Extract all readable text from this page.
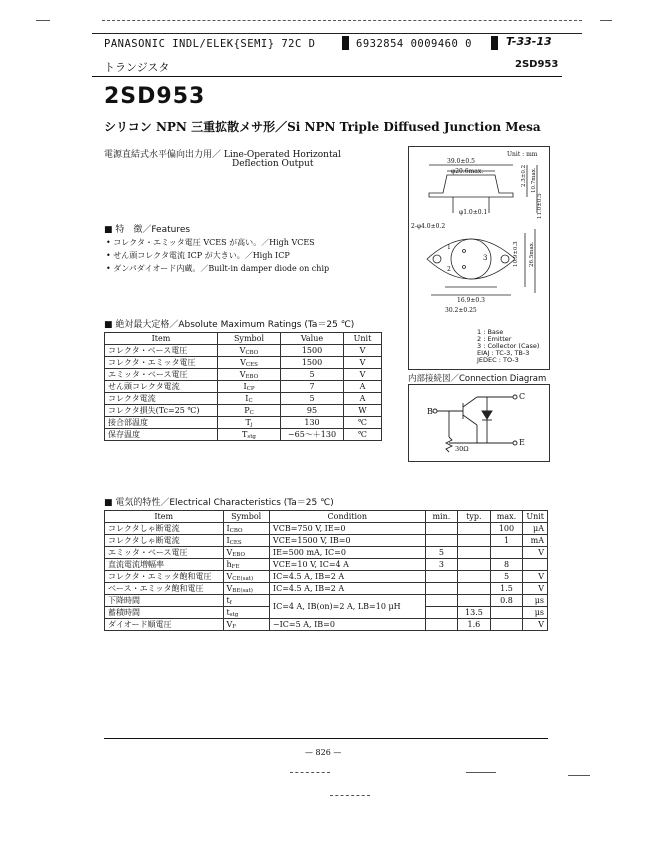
PANASONIC INDL/ELEK{SEMI} 72C D	6932854 0009460 0	T-33-13
トランジスタ	2SD953
2SD953
シリコン NPN 三重拡散メサ形／Si NPN Triple Diffused Junction Mesa
電源直結式水平偏向出力用／ Line-Operated Horizontal
Deflection Output
■ 特　徴／Features
• コレクタ・エミッタ電圧 VCES が高い。／High VCES
• せん頭コレクタ電流 ICP が大きい。／High ICP
• ダンパダイオード内蔵。／Built-in damper diode on chip
■ 絶対最大定格／Absolute Maximum Ratings (Ta＝25 ℃)
Item	Symbol	Value	Unit
コレクタ・ベース電圧	VCBO	1500	V
コレクタ・エミッタ電圧	VCES	1500	V
エミッタ・ベース電圧	VEBO	5	V
せん頭コレクタ電流	ICP	7	A
コレクタ電流	IC	5	A
コレクタ損失(Tc=25 ℃)	PC	95	W
接合部温度	Tj	130	℃
保存温度	Tstg	−65～＋130	℃
Unit : mm
39.0±0.5
φ20.6max.	2.3±0.2 10.7max.
11.0±0.5
φ1.0±0.1
2-φ4.0±0.2
10.9±0.3 26.5max.
16.9±0.3
30.2±0.25
1
2
3
1 : Base
2 : Emitter
3 : Collector (Case)
EIAJ : TC-3, TB-3
JEDEC : TO-3
内部接続図／Connection Diagram
B
C
E
30Ω
■ 電気的特性／Electrical Characteristics (Ta＝25 ℃)
Item	Symbol	Condition	min.	typ.	max.	Unit
コレクタしゃ断電流	ICBO	VCB=750 V, IE=0			100	μA
コレクタしゃ断電流	ICES	VCE=1500 V, IB=0			1	mA
エミッタ・ベース電圧	VEBO	IE=500 mA, IC=0	5			V
直流電流増幅率	hFE	VCE=10 V, IC=4 A	3		8	
コレクタ・エミッタ飽和電圧	VCE(sat)	IC=4.5 A, IB=2 A			5	V
ベース・エミッタ飽和電圧	VBE(sat)	IC=4.5 A, IB=2 A			1.5	V
下降時間	tf	IC=4 A, IB(on)=2 A, LB=10 μH			0.8	μs
蓄積時間	tstg			13.5		μs
ダイオード順電圧	VF	−IC=5 A, IB=0		1.6		V
— 826 —
